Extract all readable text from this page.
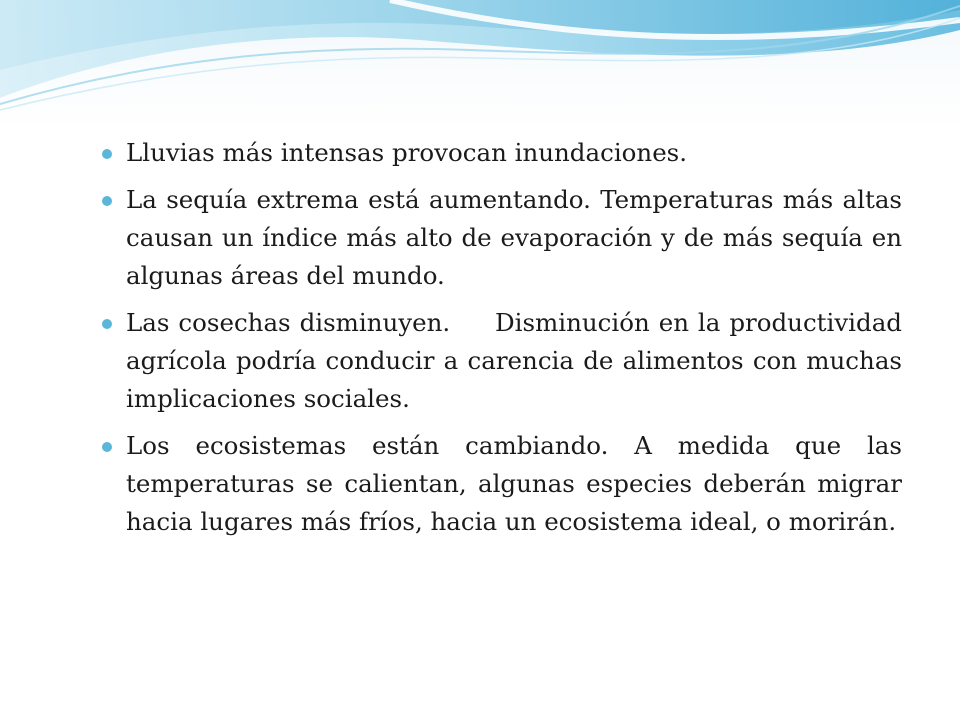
Lluvias más intensas provocan inundaciones.
La sequía extrema está aumentando. Temperaturas más altas causan un índice más alto de evaporación y de más sequía en algunas áreas del mundo.
Las cosechas disminuyen.     Disminución en la productividad agrícola podría conducir a carencia de alimentos con muchas implicaciones sociales.
Los ecosistemas están cambiando. A medida que las temperaturas se calientan, algunas especies deberán migrar hacia lugares más fríos, hacia un ecosistema ideal, o morirán.
